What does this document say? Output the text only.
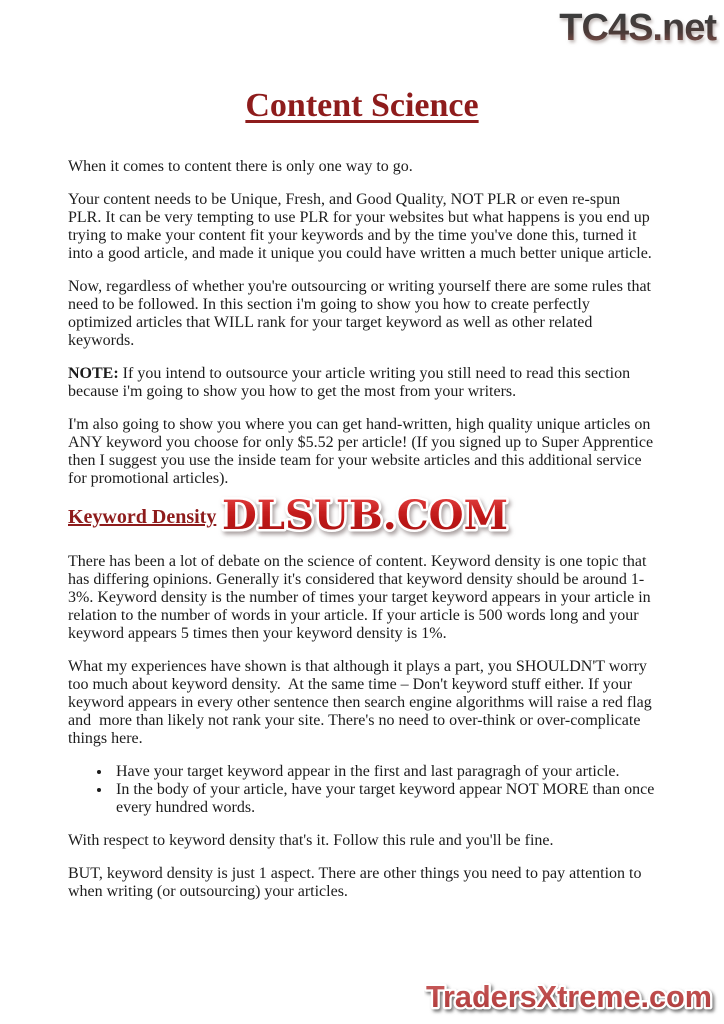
TC4S.net
Content Science

When it comes to content there is only one way to go.

Your content needs to be Unique, Fresh, and Good Quality, NOT PLR or even re-spun PLR. It can be very tempting to use PLR for your websites but what happens is you end up trying to make your content fit your keywords and by the time you've done this, turned it into a good article, and made it unique you could have written a much better unique article.

Now, regardless of whether you're outsourcing or writing yourself there are some rules that need to be followed. In this section i'm going to show you how to create perfectly optimized articles that WILL rank for your target keyword as well as other related keywords.

NOTE: If you intend to outsource your article writing you still need to read this section because i'm going to show you how to get the most from your writers.

I'm also going to show you where you can get hand-written, high quality unique articles on ANY keyword you choose for only $5.52 per article! (If you signed up to Super Apprentice then I suggest you use the inside team for your website articles and this additional service for promotional articles).

Keyword Density DLSUB.COM

There has been a lot of debate on the science of content. Keyword density is one topic that has differing opinions. Generally it's considered that keyword density should be around 1-3%. Keyword density is the number of times your target keyword appears in your article in relation to the number of words in your article. If your article is 500 words long and your keyword appears 5 times then your keyword density is 1%.

What my experiences have shown is that although it plays a part, you SHOULDN'T worry too much about keyword density.  At the same time – Don't keyword stuff either. If your keyword appears in every other sentence then search engine algorithms will raise a red flag and  more than likely not rank your site. There's no need to over-think or over-complicate things here.

• Have your target keyword appear in the first and last paragragh of your article.
• In the body of your article, have your target keyword appear NOT MORE than once every hundred words.

With respect to keyword density that's it. Follow this rule and you'll be fine.

BUT, keyword density is just 1 aspect. There are other things you need to pay attention to when writing (or outsourcing) your articles.

TradersXtreme.com
